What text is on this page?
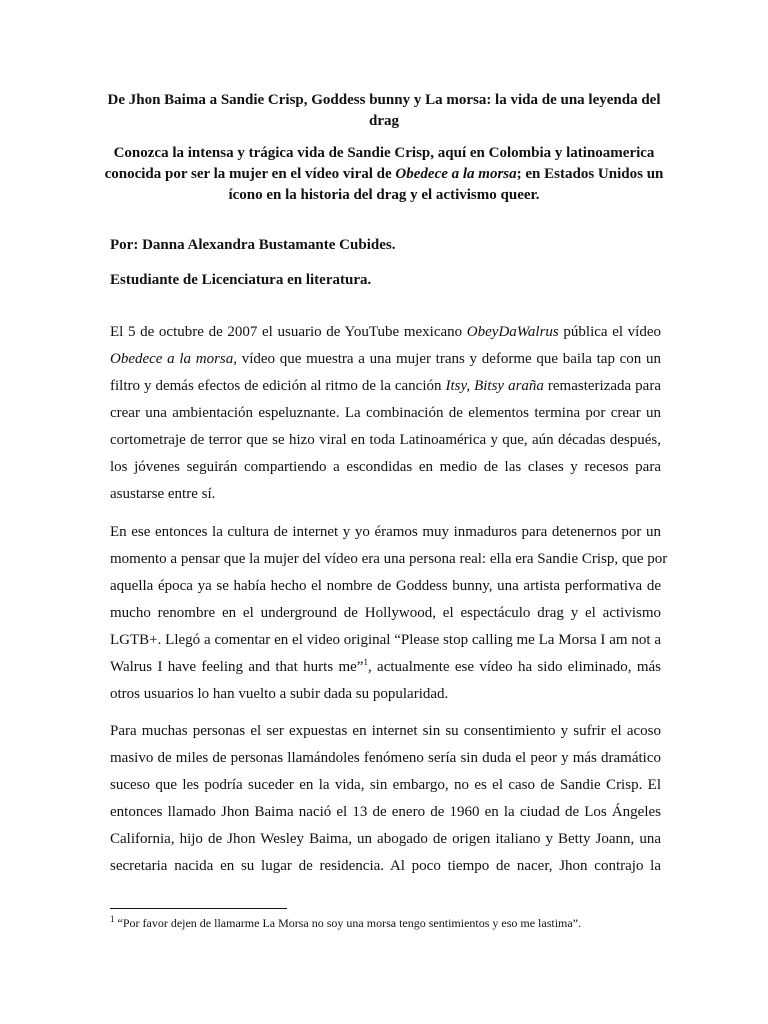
De Jhon Baima a Sandie Crisp, Goddess bunny y La morsa: la vida de una leyenda del drag

Conozca la intensa y trágica vida de Sandie Crisp, aquí en Colombia y latinoamerica conocida por ser la mujer en el vídeo viral de Obedece a la morsa; en Estados Unidos un ícono en la historia del drag y el activismo queer.

Por: Danna Alexandra Bustamante Cubides.
Estudiante de Licenciatura en literatura.
El 5 de octubre de 2007 el usuario de YouTube mexicano ObeyDaWalrus pública el vídeo
Obedece a la morsa, vídeo que muestra a una mujer trans y deforme que baila tap con un
filtro y demás efectos de edición al ritmo de la canción Itsy, Bitsy araña remasterizada para
crear una ambientación espeluznante. La combinación de elementos termina por crear un
cortometraje de terror que se hizo viral en toda Latinoamérica y que, aún décadas después,
los jóvenes seguirán compartiendo a escondidas en medio de las clases y recesos para
asustarse entre sí.
En ese entonces la cultura de internet y yo éramos muy inmaduros para detenernos por un
momento a pensar que la mujer del vídeo era una persona real: ella era Sandie Crisp, que por
aquella época ya se había hecho el nombre de Goddess bunny, una artista performativa de
mucho renombre en el underground de Hollywood, el espectáculo drag y el activismo
LGTB+. Llegó a comentar en el video original “Please stop calling me La Morsa I am not a
Walrus I have feeling and that hurts me”$^1$, actualmente ese vídeo ha sido eliminado, más
otros usuarios lo han vuelto a subir dada su popularidad.
Para muchas personas el ser expuestas en internet sin su consentimiento y sufrir el acoso
masivo de miles de personas llamándoles fenómeno sería sin duda el peor y más dramático
suceso que les podría suceder en la vida, sin embargo, no es el caso de Sandie Crisp. El
entonces llamado Jhon Baima nació el 13 de enero de 1960 en la ciudad de Los Ángeles
California, hijo de Jhon Wesley Baima, un abogado de origen italiano y Betty Joann, una
secretaria nacida en su lugar de residencia. Al poco tiempo de nacer, Jhon contrajo la
$^1$ “Por favor dejen de llamarme La Morsa no soy una morsa tengo sentimientos y eso me lastima”.
